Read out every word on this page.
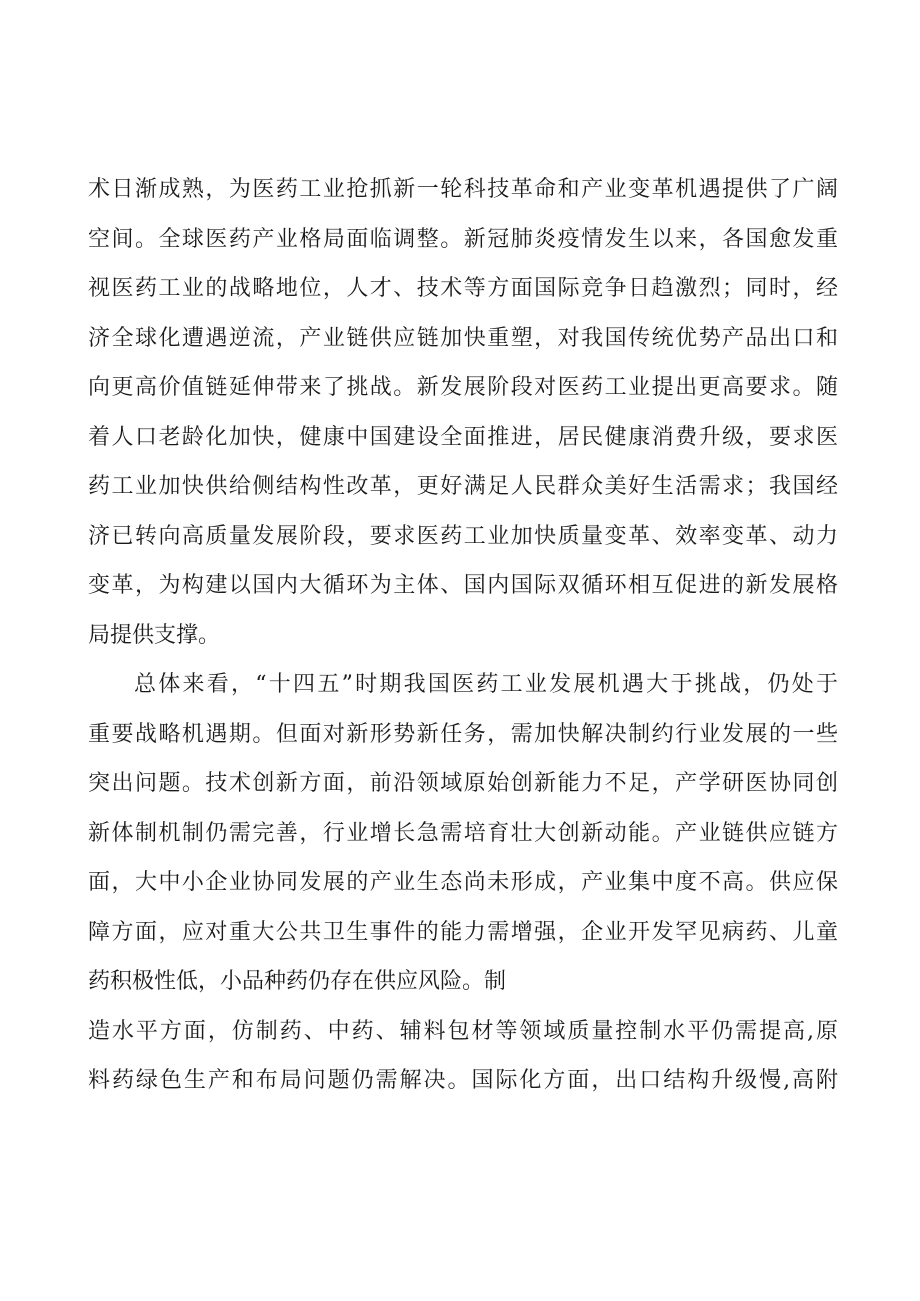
术日渐成熟，为医药工业抢抓新一轮科技革命和产业变革机遇提供了广阔
空间。全球医药产业格局面临调整。新冠肺炎疫情发生以来，各国愈发重
视医药工业的战略地位，人才、技术等方面国际竞争日趋激烈；同时，经
济全球化遭遇逆流，产业链供应链加快重塑，对我国传统优势产品出口和
向更高价值链延伸带来了挑战。新发展阶段对医药工业提出更高要求。随
着人口老龄化加快，健康中国建设全面推进，居民健康消费升级，要求医
药工业加快供给侧结构性改革，更好满足人民群众美好生活需求；我国经
济已转向高质量发展阶段，要求医药工业加快质量变革、效率变革、动力
变革，为构建以国内大循环为主体、国内国际双循环相互促进的新发展格
局提供支撑。
总体来看，“十四五”时期我国医药工业发展机遇大于挑战，仍处于
重要战略机遇期。但面对新形势新任务，需加快解决制约行业发展的一些
突出问题。技术创新方面，前沿领域原始创新能力不足，产学研医协同创
新体制机制仍需完善，行业增长急需培育壮大创新动能。产业链供应链方
面，大中小企业协同发展的产业生态尚未形成，产业集中度不高。供应保
障方面，应对重大公共卫生事件的能力需增强，企业开发罕见病药、儿童
药积极性低，小品种药仍存在供应风险。制
造水平方面，仿制药、中药、辅料包材等领域质量控制水平仍需提高,原
料药绿色生产和布局问题仍需解决。国际化方面，出口结构升级慢,高附
